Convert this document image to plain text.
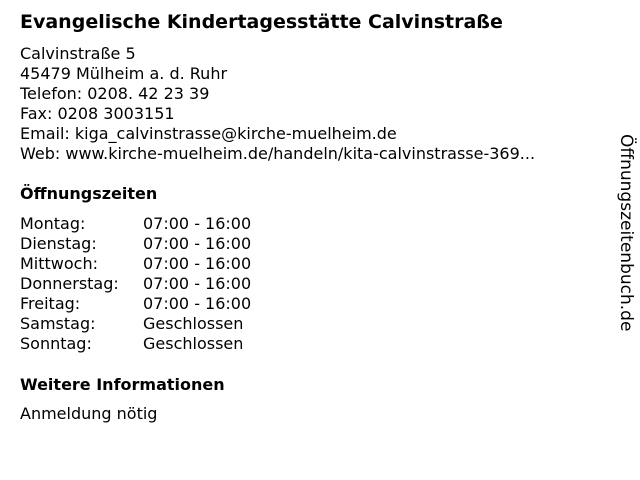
Evangelische Kindertagesstätte Calvinstraße
Calvinstraße 5
45479 Mülheim a. d. Ruhr
Telefon: 0208. 42 23 39
Fax: 0208 3003151
Email: kiga_calvinstrasse@kirche-muelheim.de
Web: www.kirche-muelheim.de/handeln/kita-calvinstrasse-369...
Öffnungszeiten
Montag:	07:00 - 16:00
Dienstag:	07:00 - 16:00
Mittwoch:	07:00 - 16:00
Donnerstag:	07:00 - 16:00
Freitag:	07:00 - 16:00
Samstag:	Geschlossen
Sonntag:	Geschlossen
Weitere Informationen
Anmeldung nötig
Öffnungszeitenbuch.de
